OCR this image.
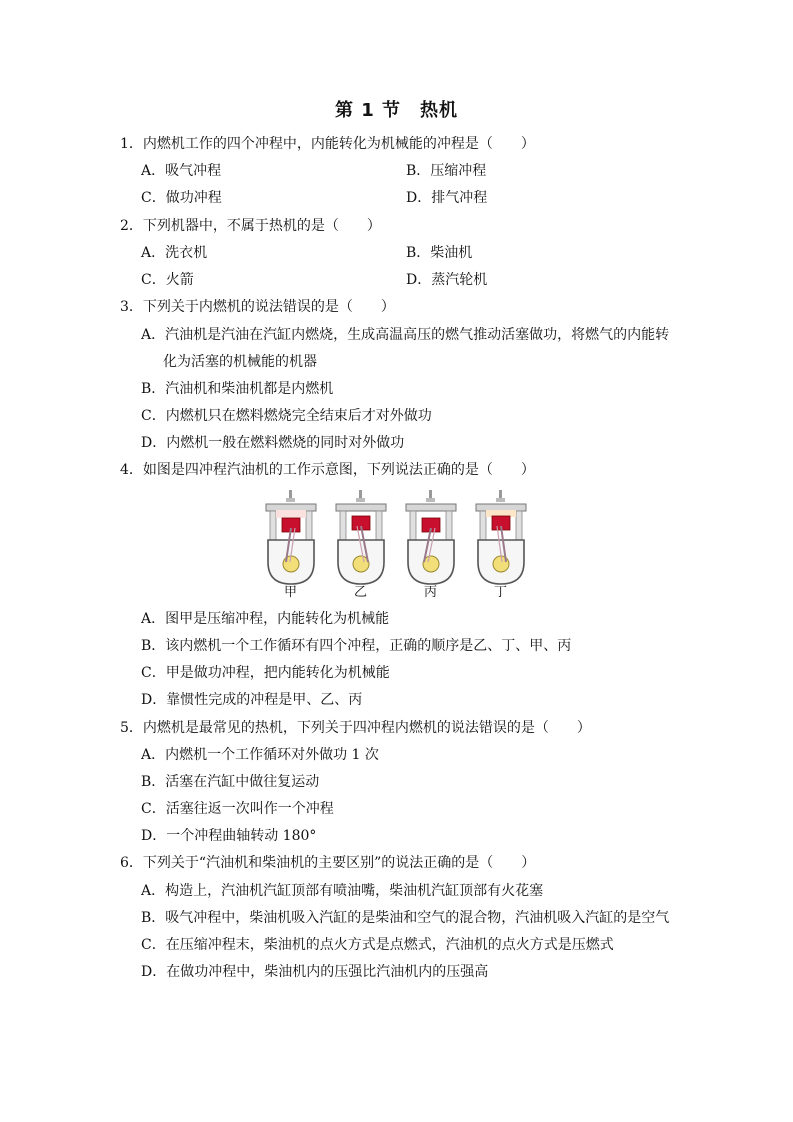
第 1 节　热机
1．内燃机工作的四个冲程中，内能转化为机械能的冲程是（　　）
A．吸气冲程	B．压缩冲程
C．做功冲程	D．排气冲程
2．下列机器中，不属于热机的是（　　）
A．洗衣机	B．柴油机
C．火箭	D．蒸汽轮机
3．下列关于内燃机的说法错误的是（　　）
A．汽油机是汽油在汽缸内燃烧，生成高温高压的燃气推动活塞做功，将燃气的内能转
化为活塞的机械能的机器
B．汽油机和柴油机都是内燃机
C．内燃机只在燃料燃烧完全结束后才对外做功
D．内燃机一般在燃料燃烧的同时对外做功
4．如图是四冲程汽油机的工作示意图，下列说法正确的是（　　）
甲	乙	丙	丁
A．图甲是压缩冲程，内能转化为机械能
B．该内燃机一个工作循环有四个冲程，正确的顺序是乙、丁、甲、丙
C．甲是做功冲程，把内能转化为机械能
D．靠惯性完成的冲程是甲、乙、丙
5．内燃机是最常见的热机，下列关于四冲程内燃机的说法错误的是（　　）
A．内燃机一个工作循环对外做功 1 次
B．活塞在汽缸中做往复运动
C．活塞往返一次叫作一个冲程
D．一个冲程曲轴转动 180°
6．下列关于“汽油机和柴油机的主要区别”的说法正确的是（　　）
A．构造上，汽油机汽缸顶部有喷油嘴，柴油机汽缸顶部有火花塞
B．吸气冲程中，柴油机吸入汽缸的是柴油和空气的混合物，汽油机吸入汽缸的是空气
C．在压缩冲程末，柴油机的点火方式是点燃式，汽油机的点火方式是压燃式
D．在做功冲程中，柴油机内的压强比汽油机内的压强高
